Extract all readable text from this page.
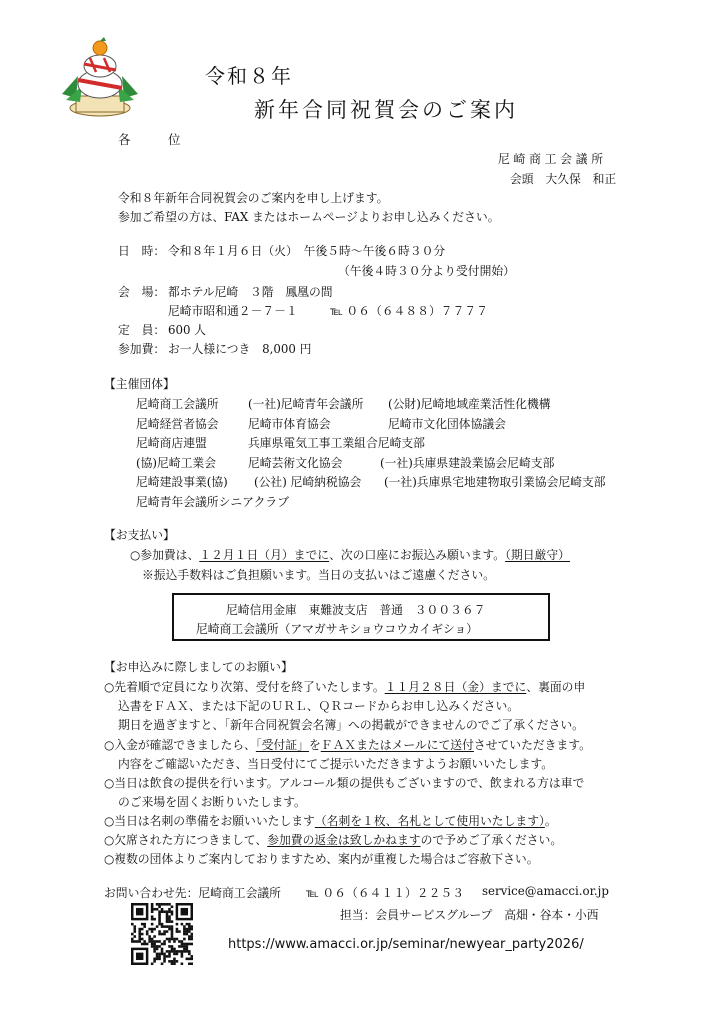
令和８年
新年合同祝賀会のご案内
各　　　位
尼 崎 商 工 会 議 所
会頭　大久保　和正
令和８年新年合同祝賀会のご案内を申し上げます。
参加ご希望の方は、FAX またはホームページよりお申し込みください。
日　時： 令和８年１月６日（火）　午後５時～午後６時３０分
（午後４時３０分より受付開始）
会　場： 都ホテル尼崎　３階　鳳凰の間
尼崎市昭和通２－７－１	℡ ０６（６４８８）７７７７
定　員： 600 人
参加費： お一人様につき　8,000 円
【主催団体】
尼崎商工会議所 (一社)尼崎青年会議所 (公財)尼崎地域産業活性化機構
尼崎経営者協会 尼崎市体育協会	尼崎市文化団体協議会
尼崎商店連盟	兵庫県電気工事工業組合尼崎支部
(協)尼崎工業会	尼崎芸術文化協会	(一社)兵庫県建設業協会尼崎支部
尼崎建設事業(協) (公社) 尼崎納税協会 (一社)兵庫県宅地建物取引業協会尼崎支部
尼崎青年会議所シニアクラブ
【お支払い】
○参加費は、１２月１日（月）までに、次の口座にお振込み願います。（期日厳守）
※振込手数料はご負担願います。当日の支払いはご遠慮ください。
尼崎信用金庫　東難波支店　普通　３００３６７
尼崎商工会議所（アマガサキショウコウカイギショ）
【お申込みに際しましてのお願い】
○先着順で定員になり次第、受付を終了いたします。１１月２８日（金）までに、裏面の申
込書をＦＡＸ、または下記のＵＲＬ、ＱＲコードからお申し込みください。
期日を過ぎますと、「新年合同祝賀会名簿」への掲載ができませんのでご了承ください。
○入金が確認できましたら、「受付証」をＦＡＸまたはメールにて送付させていただきます。
内容をご確認いただき、当日受付にてご提示いただきますようお願いいたします。
○当日は飲食の提供を行います。アルコール類の提供もございますので、飲まれる方は車で
のご来場を固くお断りいたします。
○当日は名刺の準備をお願いいたします（名刺を１枚、名札として使用いたします）。
○欠席された方につきまして、参加費の返金は致しかねますので予めご了承ください。
○複数の団体よりご案内しておりますため、案内が重複した場合はご容赦下さい。
お問い合わせ先：尼崎商工会議所 ℡ ０６（６４１１）２２５３ service@amacci.or.jp
担当：会員サービスグループ　高畑・谷本・小西
https://www.amacci.or.jp/seminar/newyear_party2026/
